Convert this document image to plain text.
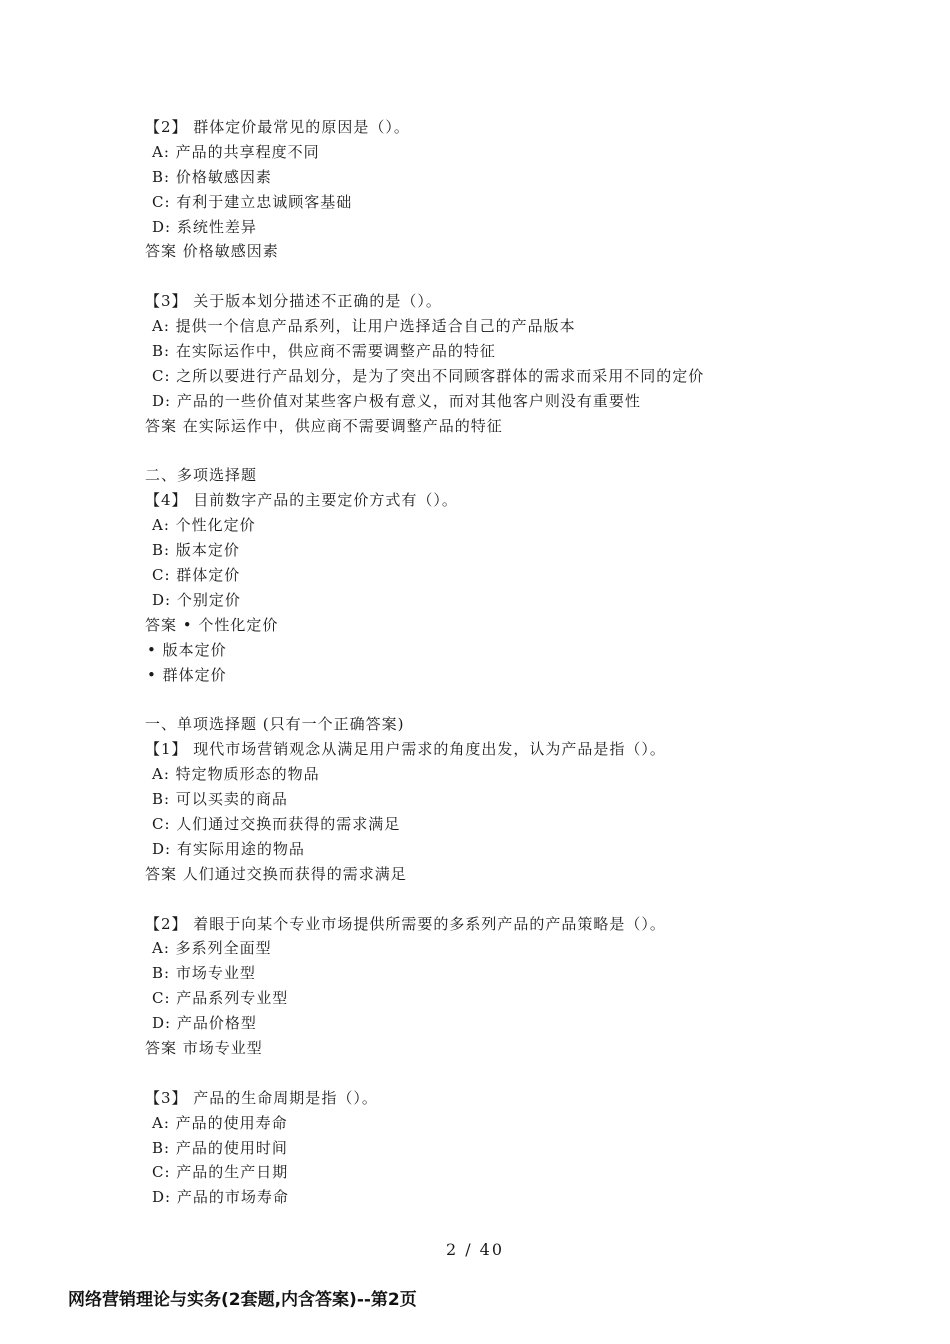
【2】 群体定价最常见的原因是（）。
A: 产品的共享程度不同
B: 价格敏感因素
C: 有利于建立忠诚顾客基础
D: 系统性差异
答案 价格敏感因素
【3】 关于版本划分描述不正确的是（）。
A: 提供一个信息产品系列，让用户选择适合自己的产品版本
B: 在实际运作中，供应商不需要调整产品的特征
C: 之所以要进行产品划分，是为了突出不同顾客群体的需求而采用不同的定价
D: 产品的一些价值对某些客户极有意义，而对其他客户则没有重要性
答案 在实际运作中，供应商不需要调整产品的特征
二、多项选择题
【4】 目前数字产品的主要定价方式有（）。
A: 个性化定价
B: 版本定价
C: 群体定价
D: 个别定价
答案 • 个性化定价
• 版本定价
• 群体定价
一、单项选择题 (只有一个正确答案)
【1】 现代市场营销观念从满足用户需求的角度出发，认为产品是指（）。
A: 特定物质形态的物品
B: 可以买卖的商品
C: 人们通过交换而获得的需求满足
D: 有实际用途的物品
答案 人们通过交换而获得的需求满足
【2】 着眼于向某个专业市场提供所需要的多系列产品的产品策略是（）。
A: 多系列全面型
B: 市场专业型
C: 产品系列专业型
D: 产品价格型
答案 市场专业型
【3】 产品的生命周期是指（）。
A: 产品的使用寿命
B: 产品的使用时间
C: 产品的生产日期
D: 产品的市场寿命
2 / 40
网络营销理论与实务(2套题,内含答案)--第2页
